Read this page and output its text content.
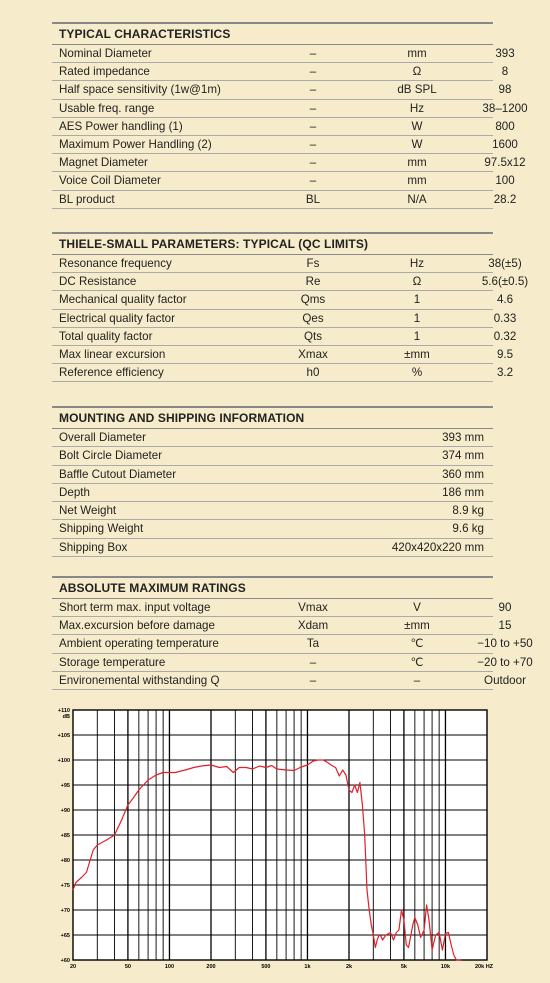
TYPICAL CHARACTERISTICS
Nominal Diameter	–	mm	393
Rated impedance	–	Ω	8
Half space sensitivity (1w@1m)	–	dB SPL	98
Usable freq. range	–	Hz	38–1200
AES Power handling (1)	–	W	800
Maximum Power Handling (2)	–	W	1600
Magnet Diameter	–	mm	97.5x12
Voice Coil Diameter	–	mm	100
BL product	BL	N/A	28.2
THIELE-SMALL PARAMETERS: TYPICAL (QC LIMITS)
Resonance frequency	Fs	Hz	38(±5)
DC Resistance	Re	Ω	5.6(±0.5)
Mechanical quality factor	Qms	1	4.6
Electrical quality factor	Qes	1	0.33
Total quality factor	Qts	1	0.32
Max linear excursion	Xmax	±mm	9.5
Reference efficiency	h0	%	3.2
MOUNTING AND SHIPPING INFORMATION
Overall Diameter	393 mm
Bolt Circle Diameter	374 mm
Baffle Cutout Diameter	360 mm
Depth	186 mm
Net Weight	8.9 kg
Shipping Weight	9.6 kg
Shipping Box	420x420x220 mm
ABSOLUTE MAXIMUM RATINGS
Short term max. input voltage	Vmax	V	90
Max.excursion before damage	Xdam	±mm	15
Ambient operating temperature	Ta	℃	−10 to +50
Storage temperature	–	℃	−20 to +70
Environemental withstanding Q	–	–	Outdoor
+110
+105
+100
+95
+90
+85
+80
+75
+70
+65
+60
dB
20	50	100	200	500	1k	2k	5k	10k	20k HZ
